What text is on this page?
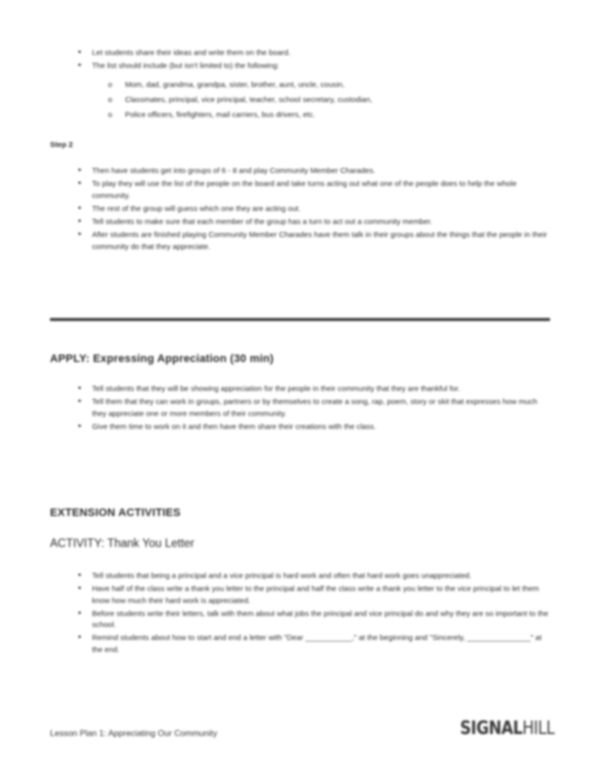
• Let students share their ideas and write them on the board.
• The list should include (but isn't limited to) the following:
o Mom, dad, grandma, grandpa, sister, brother, aunt, uncle, cousin,
o Classmates, principal, vice principal, teacher, school secretary, custodian,
o Police officers, firefighters, mail carriers, bus drivers, etc.
Step 2
• Then have students get into groups of 6 - 8 and play Community Member Charades.
• To play they will use the list of the people on the board and take turns acting out what one of the people does to help the whole community.
• The rest of the group will guess which one they are acting out.
• Tell students to make sure that each member of the group has a turn to act out a community member.
• After students are finished playing Community Member Charades have them talk in their groups about the things that the people in their community do that they appreciate.
APPLY: Expressing Appreciation (30 min)
• Tell students that they will be showing appreciation for the people in their community that they are thankful for.
• Tell them that they can work in groups, partners or by themselves to create a song, rap, poem, story or skit that expresses how much they appreciate one or more members of their community.
• Give them time to work on it and then have them share their creations with the class.
EXTENSION ACTIVITIES
ACTIVITY: Thank You Letter
• Tell students that being a principal and a vice principal is hard work and often that hard work goes unappreciated.
• Have half of the class write a thank you letter to the principal and half the class write a thank you letter to the vice principal to let them know how much their hard work is appreciated.
• Before students write their letters, talk with them about what jobs the principal and vice principal do and why they are so important to the school.
• Remind students about how to start and end a letter with "Dear ___________," at the beginning and "Sincerely, _______________" at the end.
Lesson Plan 1: Appreciating Our Community	SIGNALHILL
